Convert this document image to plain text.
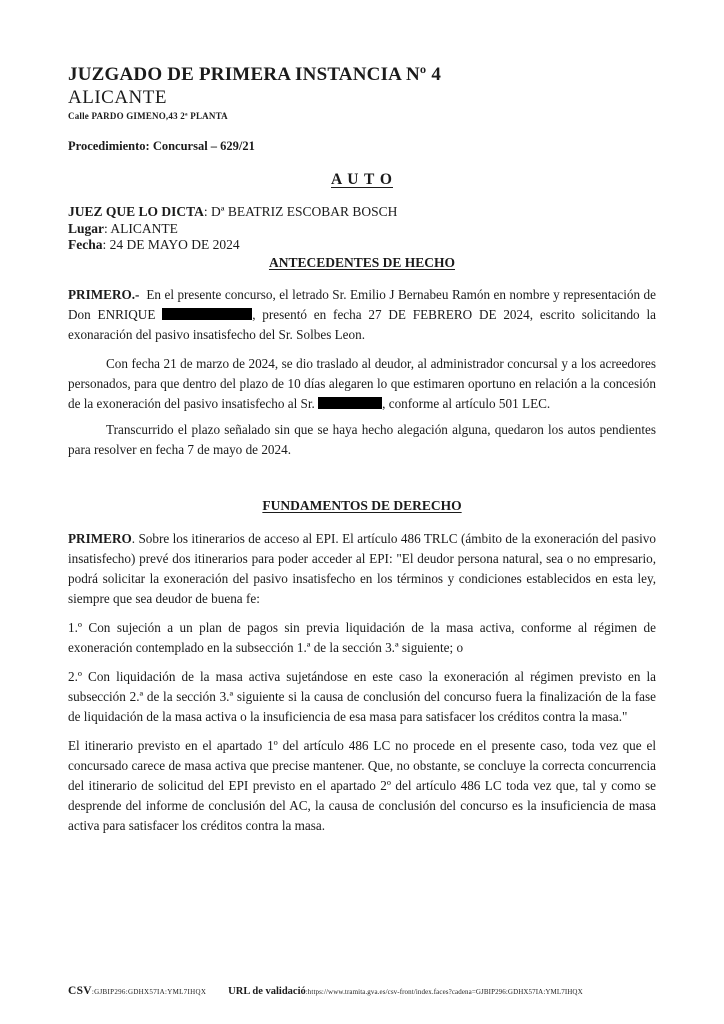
JUZGADO DE PRIMERA INSTANCIA Nº 4
ALICANTE
Calle PARDO GIMENO,43 2ª PLANTA
Procedimiento: Concursal – 629/21
A U T O
JUEZ QUE LO DICTA: Dª BEATRIZ ESCOBAR BOSCH
Lugar: ALICANTE
Fecha: 24 DE MAYO DE 2024
ANTECEDENTES DE HECHO

PRIMERO.- En el presente concurso, el letrado Sr. Emilio J Bernabeu Ramón en nombre y representación de Don ENRIQUE	, presentó en fecha 27 DE FEBRERO DE 2024, escrito solicitando la exonaración del pasivo insatisfecho del Sr. Solbes Leon.

Con fecha 21 de marzo de 2024, se dio traslado al deudor, al administrador concursal y a los acreedores personados, para que dentro del plazo de 10 días alegaren lo que estimaren oportuno en relación a la concesión de la exoneración del pasivo insatisfecho al Sr.	, conforme al artículo 501 LEC.

Transcurrido el plazo señalado sin que se haya hecho alegación alguna, quedaron los autos pendientes para resolver en fecha 7 de mayo de 2024.

FUNDAMENTOS DE DERECHO

PRIMERO. Sobre los itinerarios de acceso al EPI. El artículo 486 TRLC (ámbito de la exoneración del pasivo insatisfecho) prevé dos itinerarios para poder acceder al EPI: "El deudor persona natural, sea o no empresario, podrá solicitar la exoneración del pasivo insatisfecho en los términos y condiciones establecidos en esta ley, siempre que sea deudor de buena fe:

1.º Con sujeción a un plan de pagos sin previa liquidación de la masa activa, conforme al régimen de exoneración contemplado en la subsección 1.ª de la sección 3.ª siguiente; o

2.º Con liquidación de la masa activa sujetándose en este caso la exoneración al régimen previsto en la subsección 2.ª de la sección 3.ª siguiente si la causa de conclusión del concurso fuera la finalización de la fase de liquidación de la masa activa o la insuficiencia de esa masa para satisfacer los créditos contra la masa."

El itinerario previsto en el apartado 1º del artículo 486 LC no procede en el presente caso, toda vez que el concursado carece de masa activa que precise mantener. Que, no obstante, se concluye la correcta concurrencia del itinerario de solicitud del EPI previsto en el apartado 2º del artículo 486 LC toda vez que, tal y como se desprende del informe de conclusión del AC, la causa de conclusión del concurso es la insuficiencia de masa activa para satisfacer los créditos contra la masa.

CSV :GJBIP296:GDHX57IA:YML7IHQX URL de validació :https://www.tramita.gva.es/csv-front/index.faces?cadena=GJBIP296:GDHX57IA:YML7IHQX
